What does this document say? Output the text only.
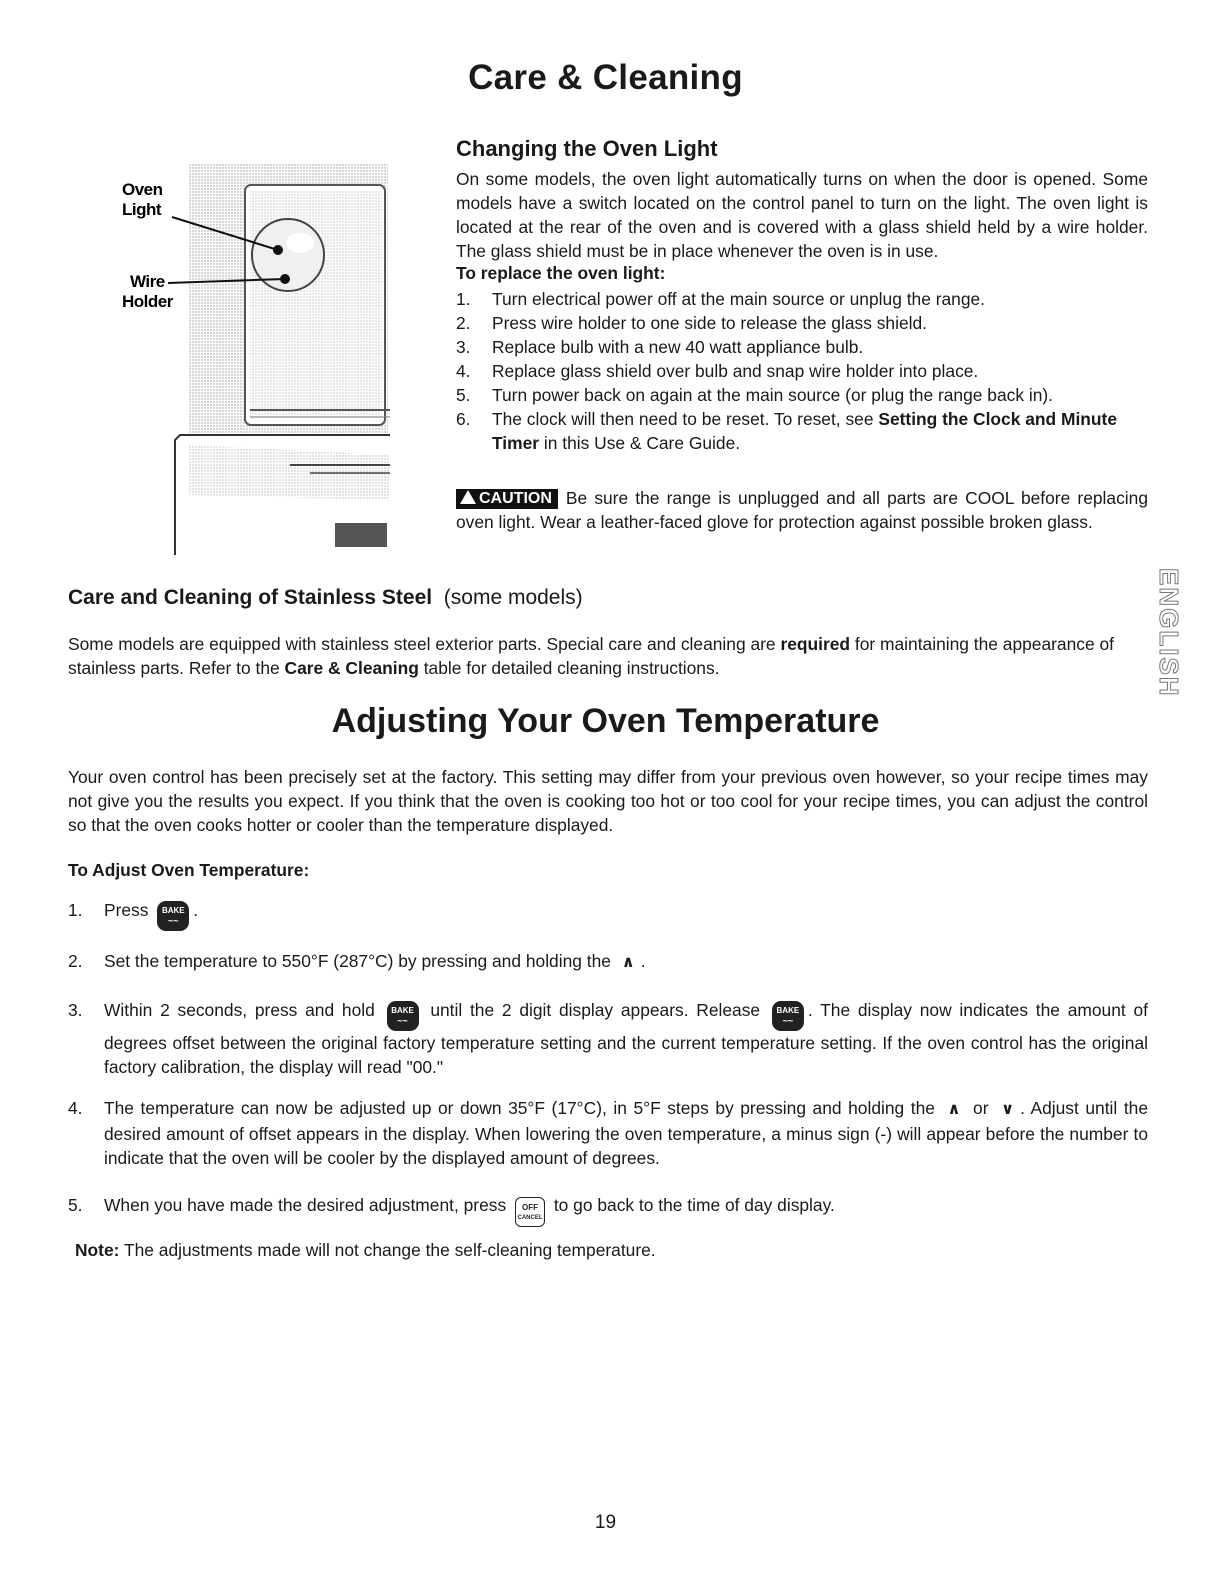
Care & Cleaning
Oven
Light
Wire
Holder
Changing the Oven Light
On some models, the oven light automatically turns on when the door is opened. Some models have a switch located on the control panel to turn on the light. The oven light is located at the rear of the oven and is covered with a glass shield held by a wire holder. The glass shield must be in place whenever the oven is in use.
To replace the oven light:
1. Turn electrical power off at the main source or unplug the range.
2. Press wire holder to one side to release the glass shield.
3. Replace bulb with a new 40 watt appliance bulb.
4. Replace glass shield over bulb and snap wire holder into place.
5. Turn power back on again at the main source (or plug the range back in).
6. The clock will then need to be reset. To reset, see Setting the Clock and Minute Timer in this Use & Care Guide.
CAUTION Be sure the range is unplugged and all parts are COOL before replacing oven light. Wear a leather-faced glove for protection against possible broken glass.
Care and Cleaning of Stainless Steel (some models)
Some models are equipped with stainless steel exterior parts. Special care and cleaning are required for maintaining the appearance of stainless parts. Refer to the Care & Cleaning table for detailed cleaning instructions.
Adjusting Your Oven Temperature
Your oven control has been precisely set at the factory. This setting may differ from your previous oven however, so your recipe times may not give you the results you expect. If you think that the oven is cooking too hot or too cool for your recipe times, you can adjust the control so that the oven cooks hotter or cooler than the temperature displayed.
To Adjust Oven Temperature:
1. Press BAKE
~~
.
2. Set the temperature to 550°F (287°C) by pressing and holding the ∧ .
3. Within 2 seconds, press and hold BAKE
~~
until the 2 digit display appears. Release BAKE
~~
. The display now indicates the amount of degrees offset between the original factory temperature setting and the current temperature setting. If the oven control has the original factory calibration, the display will read "00."
4. The temperature can now be adjusted up or down 35°F (17°C), in 5°F steps by pressing and holding the ∧ or ∨ . Adjust until the desired amount of offset appears in the display. When lowering the oven temperature, a minus sign (-) will appear before the number to indicate that the oven will be cooler by the displayed amount of degrees.
5. When you have made the desired adjustment, press OFF
CANCEL to go back to the time of day display.
Note: The adjustments made will not change the self-cleaning temperature.
ENGLISH
19
